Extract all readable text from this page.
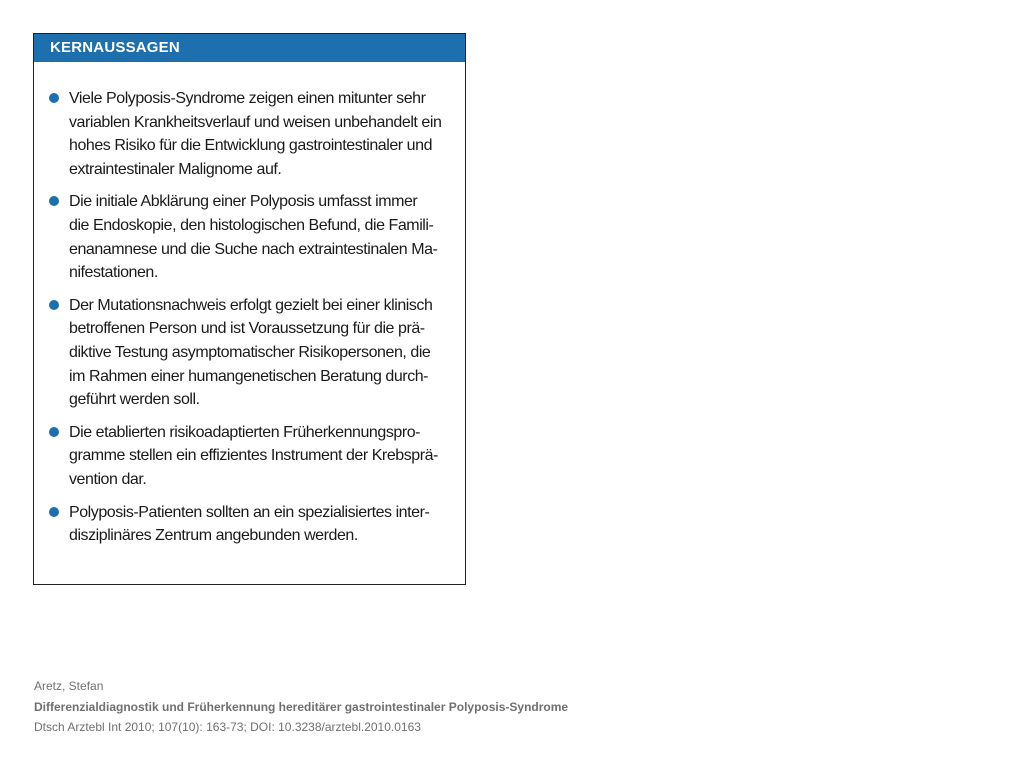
KERNAUSSAGEN
Viele Polyposis-Syndrome zeigen einen mitunter sehr
variablen Krankheitsverlauf und weisen unbehandelt ein
hohes Risiko für die Entwicklung gastrointestinaler und
extraintestinaler Malignome auf.
Die initiale Abklärung einer Polyposis umfasst immer
die Endoskopie, den histologischen Befund, die Famili-
enanamnese und die Suche nach extraintestinalen Ma-
nifestationen.
Der Mutationsnachweis erfolgt gezielt bei einer klinisch
betroffenen Person und ist Voraussetzung für die prä-
diktive Testung asymptomatischer Risikopersonen, die
im Rahmen einer humangenetischen Beratung durch-
geführt werden soll.
Die etablierten risikoadaptierten Früherkennungspro-
gramme stellen ein effizientes Instrument der Krebsprä-
vention dar.
Polyposis-Patienten sollten an ein spezialisiertes inter-
disziplinäres Zentrum angebunden werden.
Aretz, Stefan
Differenzialdiagnostik und Früherkennung hereditärer gastrointestinaler Polyposis-Syndrome
Dtsch Arztebl Int 2010; 107(10): 163-73; DOI: 10.3238/arztebl.2010.0163
